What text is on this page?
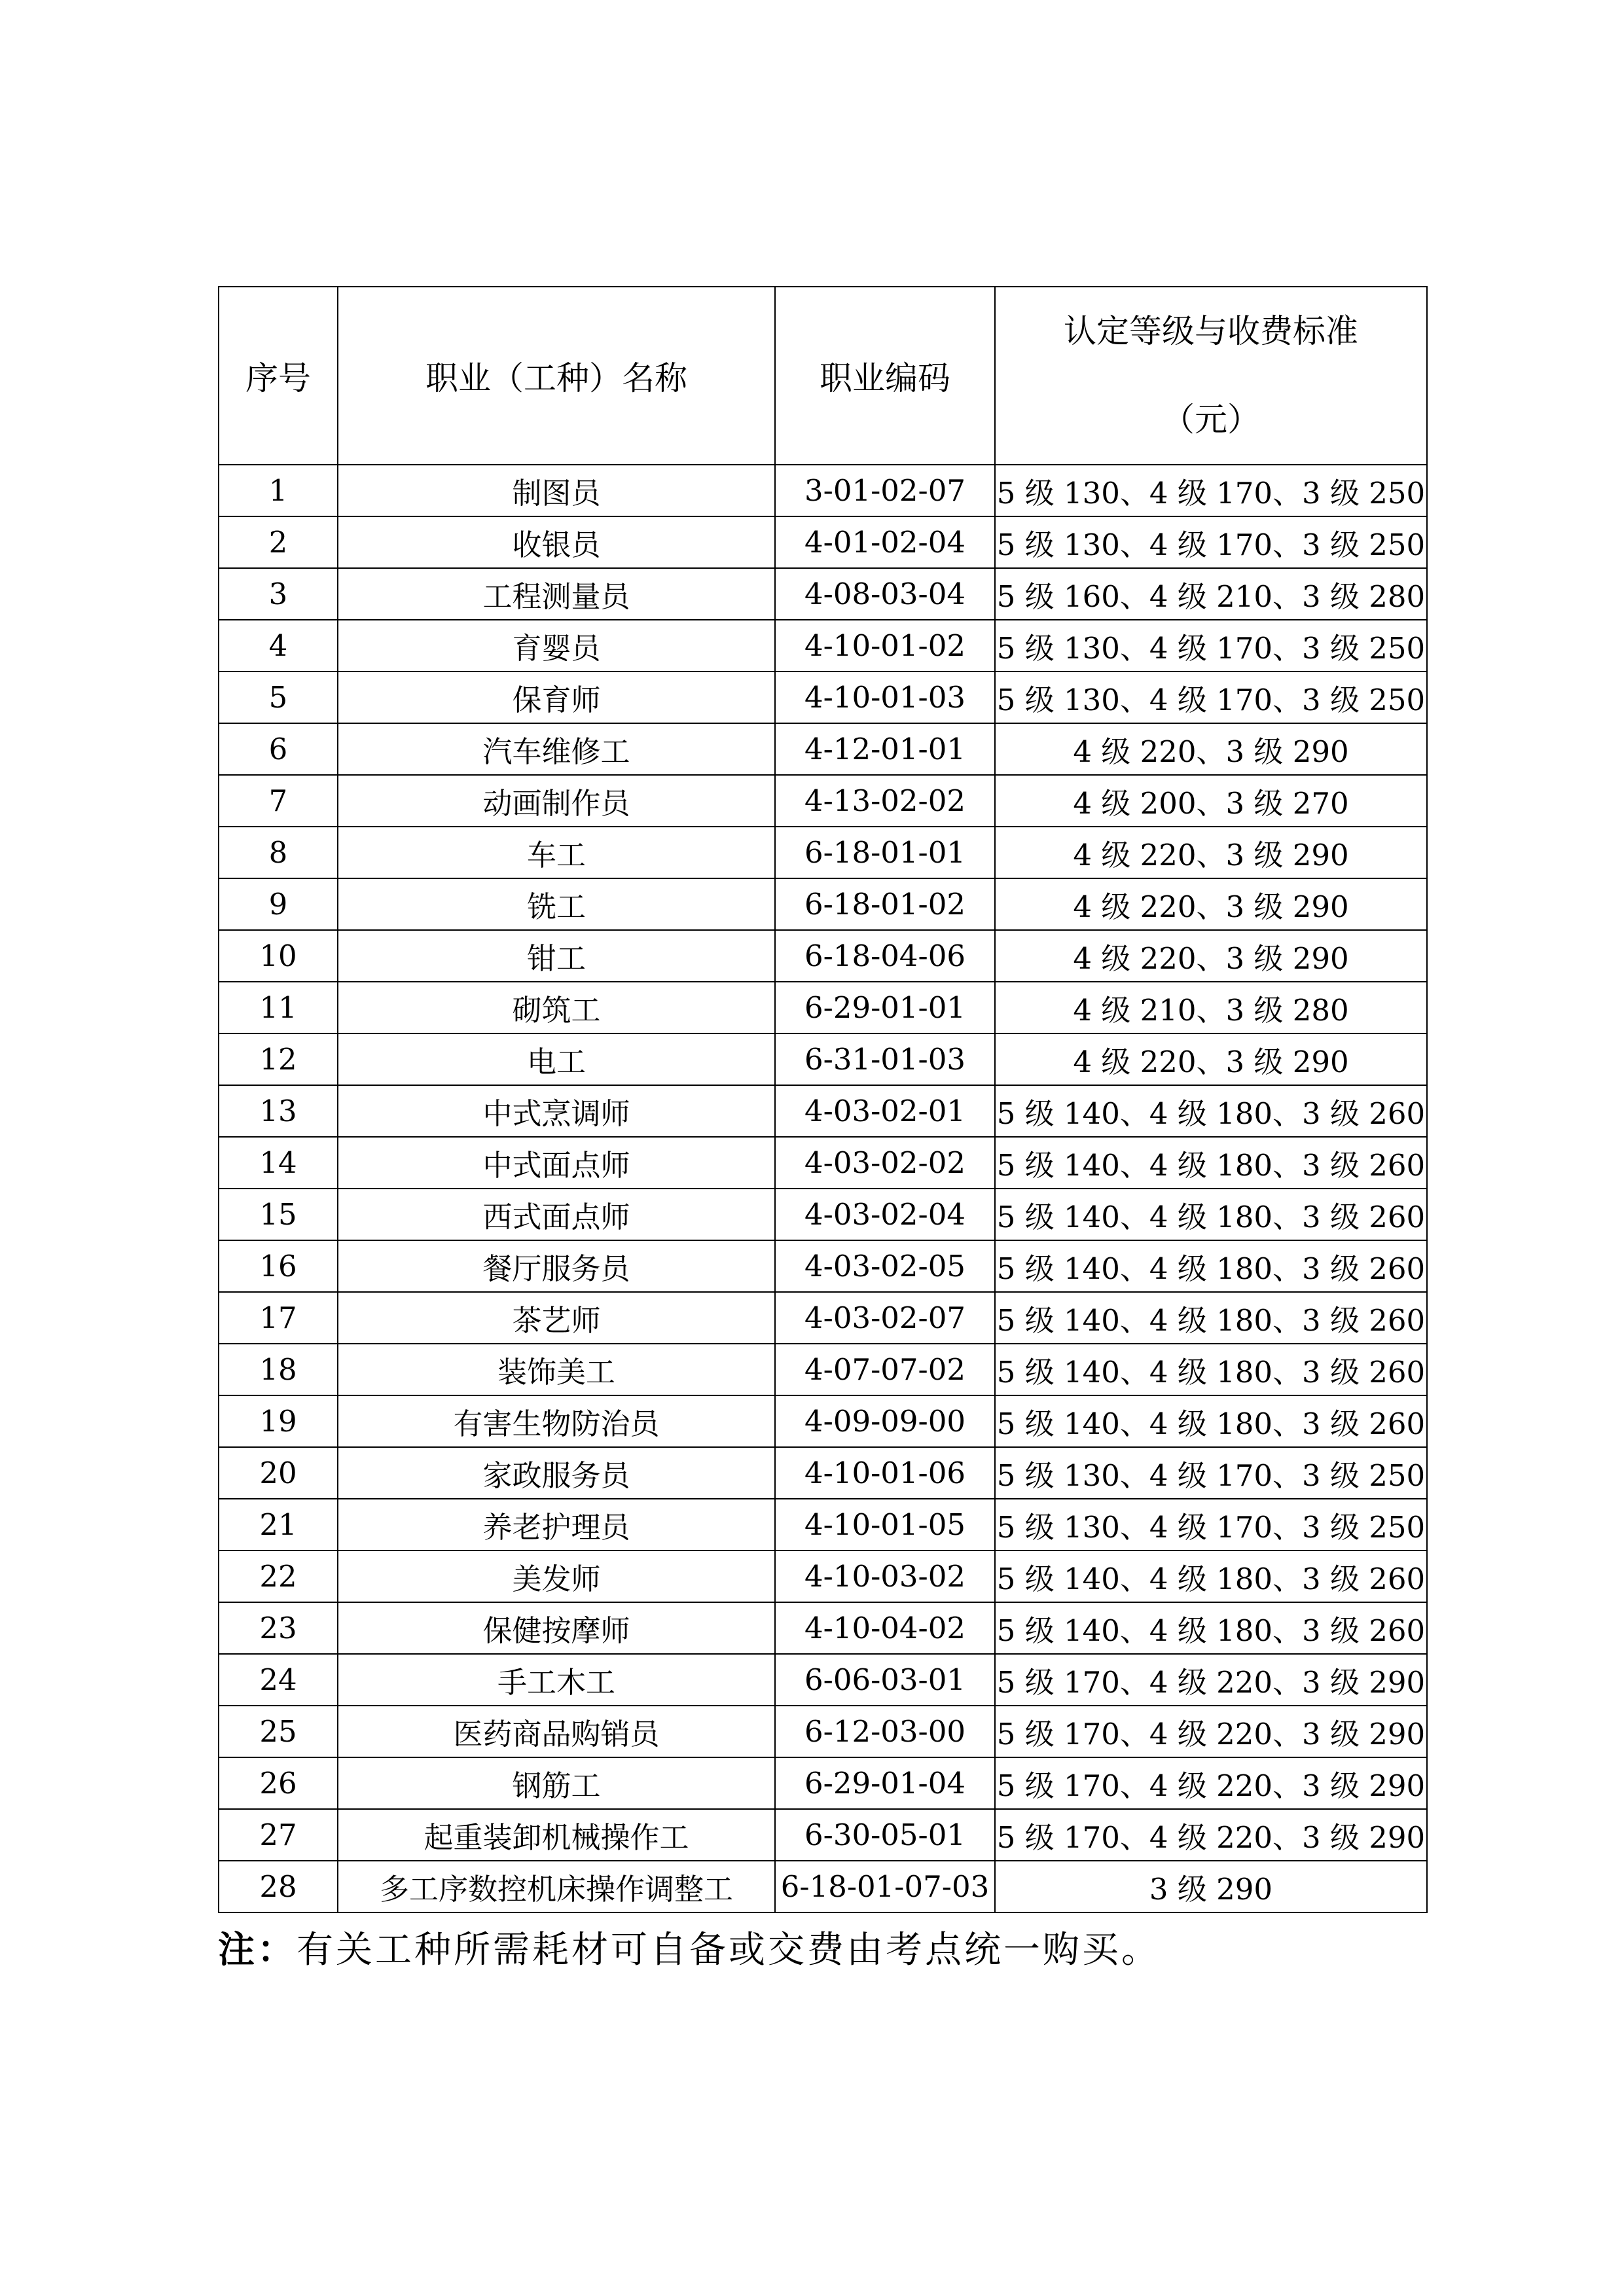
序号	职业（工种）名称	职业编码	认定等级与收费标准
（元）

1	制图员	3-01-02-07	5 级 130、4 级 170、3 级 250
2	收银员	4-01-02-04	5 级 130、4 级 170、3 级 250
3	工程测量员	4-08-03-04	5 级 160、4 级 210、3 级 280
4	育婴员	4-10-01-02	5 级 130、4 级 170、3 级 250
5	保育师	4-10-01-03	5 级 130、4 级 170、3 级 250
6	汽车维修工	4-12-01-01	4 级 220、3 级 290
7	动画制作员	4-13-02-02	4 级 200、3 级 270
8	车工	6-18-01-01	4 级 220、3 级 290
9	铣工	6-18-01-02	4 级 220、3 级 290
10	钳工	6-18-04-06	4 级 220、3 级 290
11	砌筑工	6-29-01-01	4 级 210、3 级 280
12	电工	6-31-01-03	4 级 220、3 级 290
13	中式烹调师	4-03-02-01	5 级 140、4 级 180、3 级 260
14	中式面点师	4-03-02-02	5 级 140、4 级 180、3 级 260
15	西式面点师	4-03-02-04	5 级 140、4 级 180、3 级 260
16	餐厅服务员	4-03-02-05	5 级 140、4 级 180、3 级 260
17	茶艺师	4-03-02-07	5 级 140、4 级 180、3 级 260
18	装饰美工	4-07-07-02	5 级 140、4 级 180、3 级 260
19	有害生物防治员	4-09-09-00	5 级 140、4 级 180、3 级 260
20	家政服务员	4-10-01-06	5 级 130、4 级 170、3 级 250
21	养老护理员	4-10-01-05	5 级 130、4 级 170、3 级 250
22	美发师	4-10-03-02	5 级 140、4 级 180、3 级 260
23	保健按摩师	4-10-04-02	5 级 140、4 级 180、3 级 260
24	手工木工	6-06-03-01	5 级 170、4 级 220、3 级 290
25	医药商品购销员	6-12-03-00	5 级 170、4 级 220、3 级 290
26	钢筋工	6-29-01-04	5 级 170、4 级 220、3 级 290
27	起重装卸机械操作工	6-30-05-01	5 级 170、4 级 220、3 级 290
28	多工序数控机床操作调整工	6-18-01-07-03	3 级 290
注：有关工种所需耗材可自备或交费由考点统一购买。
